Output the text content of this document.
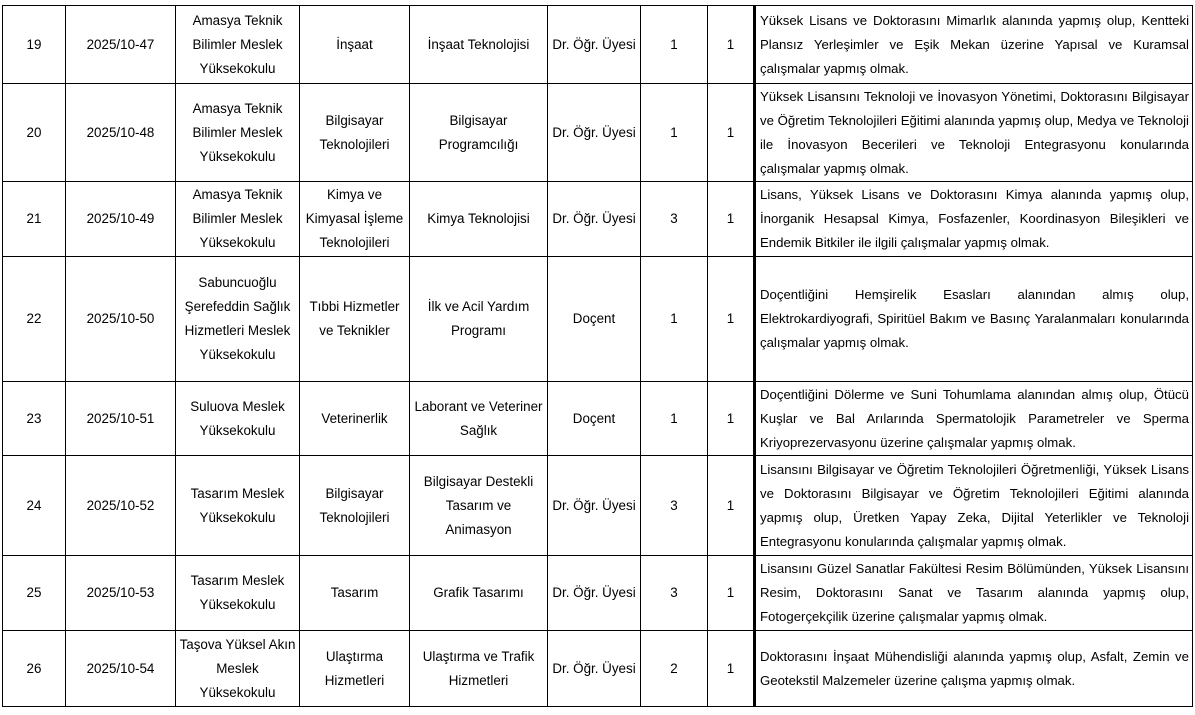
19	2025/10-47	Amasya Teknik Bilimler Meslek Yüksekokulu	İnşaat	İnşaat Teknolojisi	Dr. Öğr. Üyesi	1	1	Yüksek Lisans ve Doktorasını Mimarlık alanında yapmış olup, Kentteki Plansız Yerleşimler ve Eşik Mekan üzerine Yapısal ve Kuramsal çalışmalar yapmış olmak.
20	2025/10-48	Amasya Teknik Bilimler Meslek Yüksekokulu	Bilgisayar Teknolojileri	Bilgisayar Programcılığı	Dr. Öğr. Üyesi	1	1	Yüksek Lisansını Teknoloji ve İnovasyon Yönetimi, Doktorasını Bilgisayar ve Öğretim Teknolojileri Eğitimi alanında yapmış olup, Medya ve Teknoloji ile İnovasyon Becerileri ve Teknoloji Entegrasyonu konularında çalışmalar yapmış olmak.
21	2025/10-49	Amasya Teknik Bilimler Meslek Yüksekokulu	Kimya ve Kimyasal İşleme Teknolojileri	Kimya Teknolojisi	Dr. Öğr. Üyesi	3	1	Lisans, Yüksek Lisans ve Doktorasını Kimya alanında yapmış olup, İnorganik Hesapsal Kimya, Fosfazenler, Koordinasyon Bileşikleri ve Endemik Bitkiler ile ilgili çalışmalar yapmış olmak.
22	2025/10-50	Sabuncuoğlu Şerefeddin Sağlık Hizmetleri Meslek Yüksekokulu	Tıbbi Hizmetler ve Teknikler	İlk ve Acil Yardım Programı	Doçent	1	1	Doçentliğini Hemşirelik Esasları alanından almış olup, Elektrokardiyografi, Spiritüel Bakım ve Basınç Yaralanmaları konularında çalışmalar yapmış olmak.
23	2025/10-51	Suluova Meslek Yüksekokulu	Veterinerlik	Laborant ve Veteriner Sağlık	Doçent	1	1	Doçentliğini Dölerme ve Suni Tohumlama alanından almış olup, Ötücü Kuşlar ve Bal Arılarında Spermatolojik Parametreler ve Sperma Kriyoprezervasyonu üzerine çalışmalar yapmış olmak.
24	2025/10-52	Tasarım Meslek Yüksekokulu	Bilgisayar Teknolojileri	Bilgisayar Destekli Tasarım ve Animasyon	Dr. Öğr. Üyesi	3	1	Lisansını Bilgisayar ve Öğretim Teknolojileri Öğretmenliği, Yüksek Lisans ve Doktorasını Bilgisayar ve Öğretim Teknolojileri Eğitimi alanında yapmış olup, Üretken Yapay Zeka, Dijital Yeterlikler ve Teknoloji Entegrasyonu konularında çalışmalar yapmış olmak.
25	2025/10-53	Tasarım Meslek Yüksekokulu	Tasarım	Grafik Tasarımı	Dr. Öğr. Üyesi	3	1	Lisansını Güzel Sanatlar Fakültesi Resim Bölümünden, Yüksek Lisansını Resim, Doktorasını Sanat ve Tasarım alanında yapmış olup, Fotogerçekçilik üzerine çalışmalar yapmış olmak.
26	2025/10-54	Taşova Yüksel Akın Meslek Yüksekokulu	Ulaştırma Hizmetleri	Ulaştırma ve Trafik Hizmetleri	Dr. Öğr. Üyesi	2	1	Doktorasını İnşaat Mühendisliği alanında yapmış olup, Asfalt, Zemin ve Geotekstil Malzemeler üzerine çalışma yapmış olmak.
